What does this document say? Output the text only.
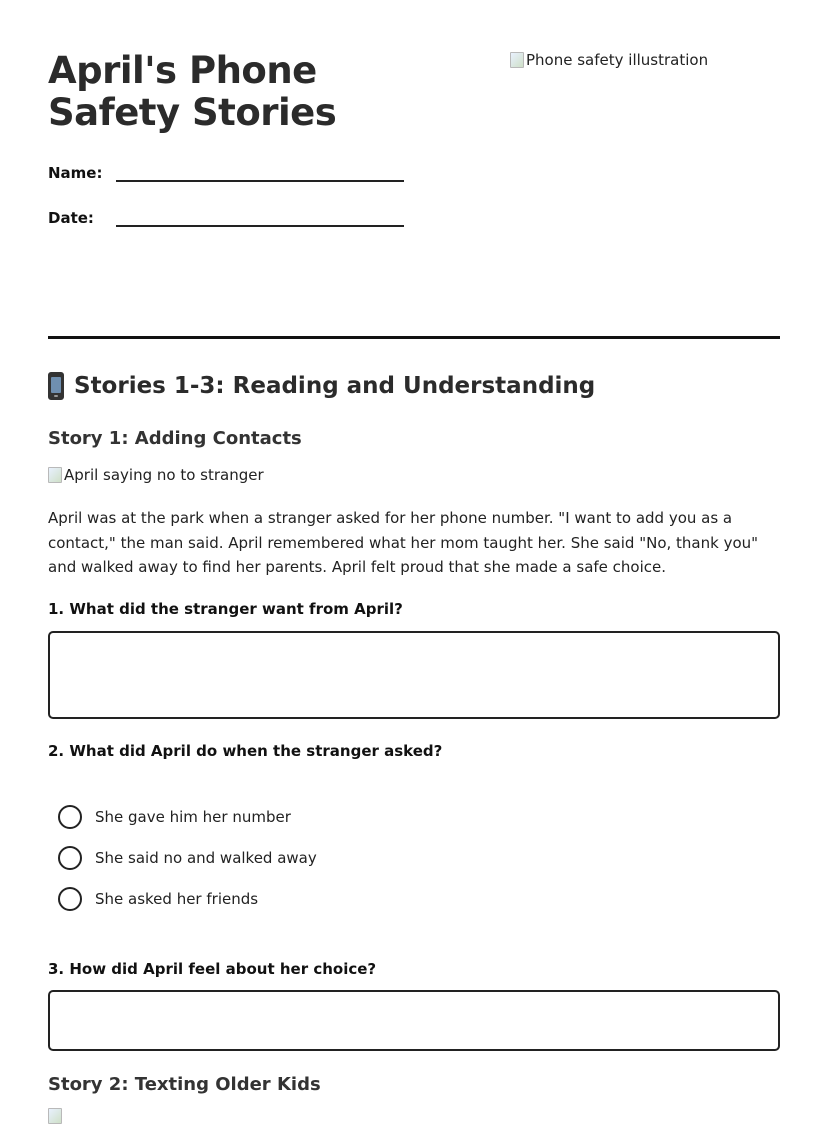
April's Phone Safety Stories
Phone safety illustration
Name:
Date:
Stories 1-3: Reading and Understanding
Story 1: Adding Contacts
April saying no to stranger

April was at the park when a stranger asked for her phone number. "I want to add you as a contact," the man said. April remembered what her mom taught her. She said "No, thank you" and walked away to find her parents. April felt proud that she made a safe choice.

1. What did the stranger want from April?

2. What did April do when the stranger asked?

She gave him her number
She said no and walked away
She asked her friends

3. How did April feel about her choice?

Story 2: Texting Older Kids
